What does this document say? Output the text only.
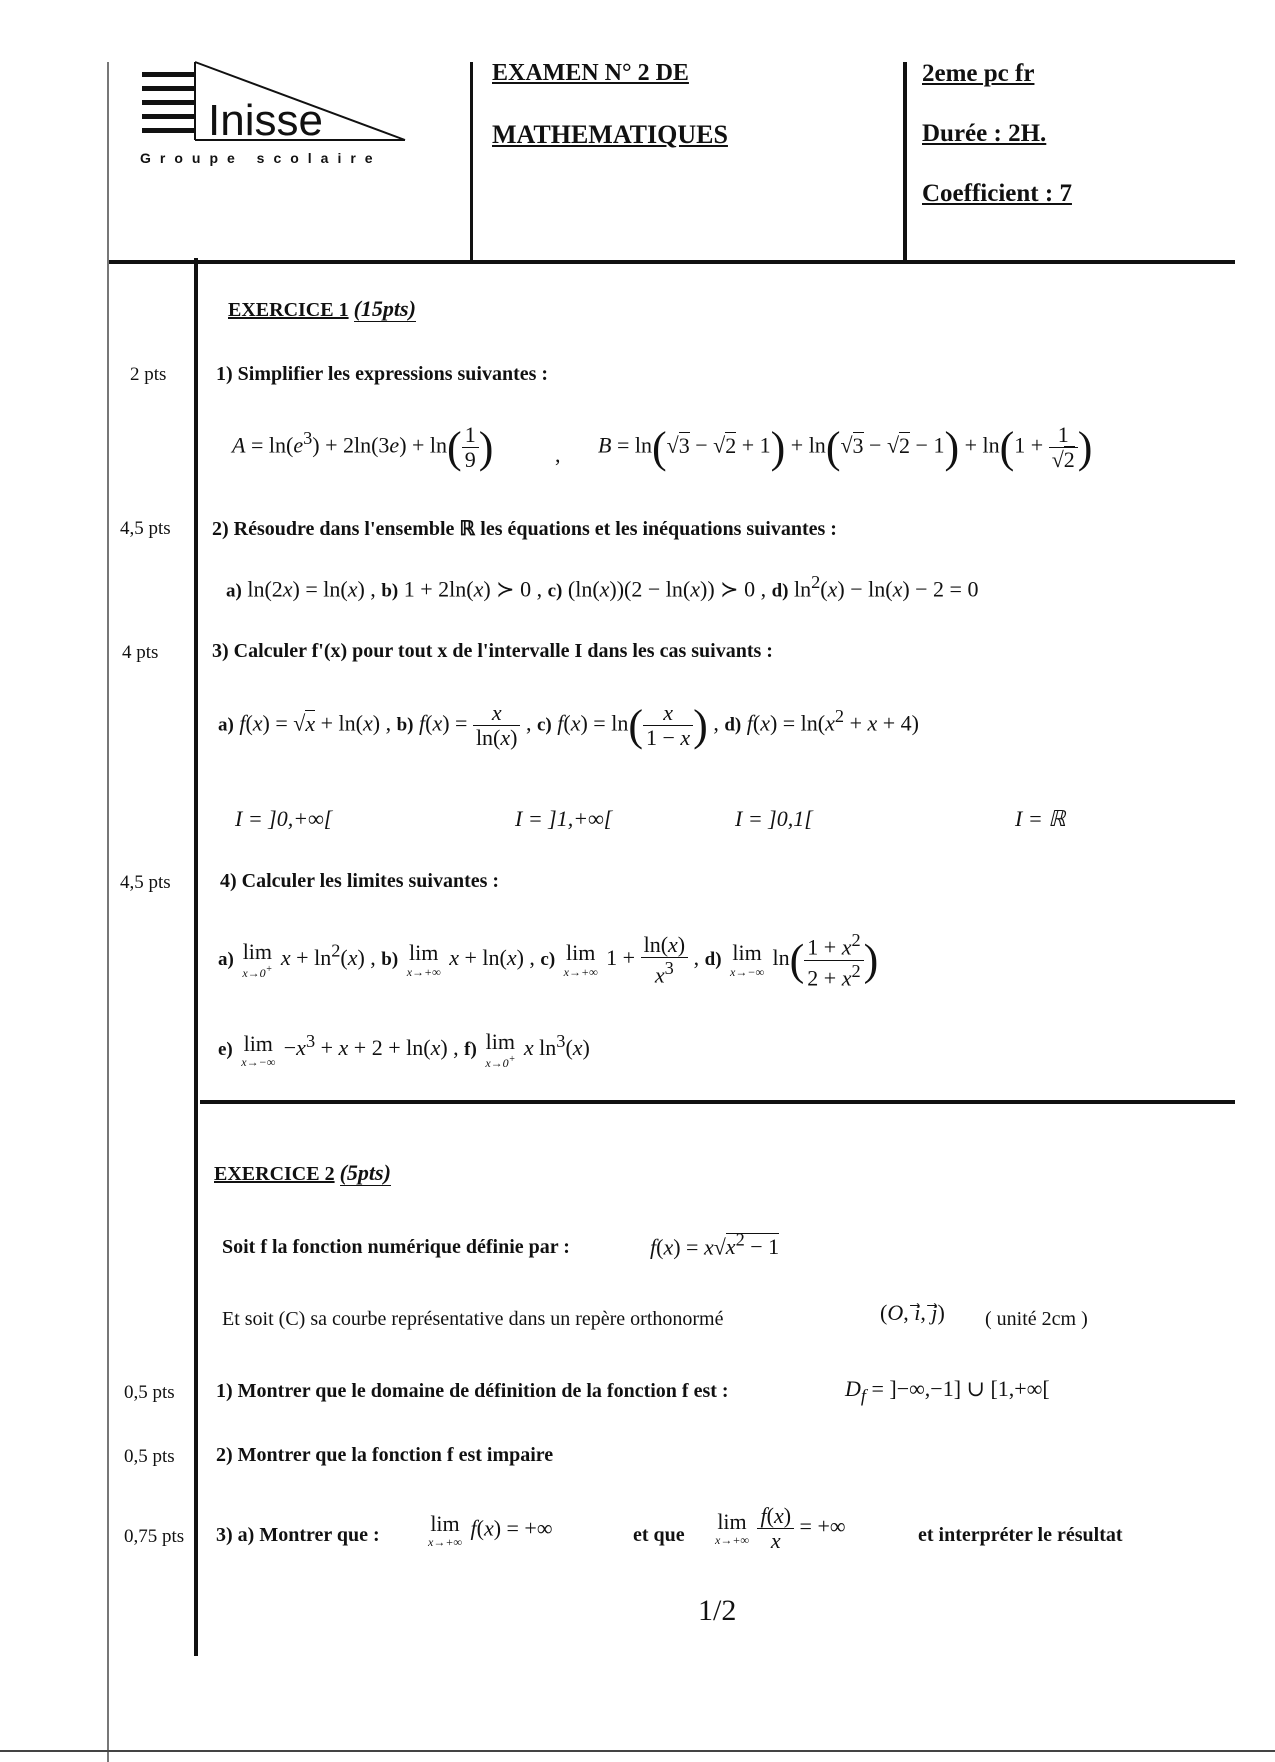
Inisse
Groupe scolaire
EXAMEN N° 2 DE
MATHEMATIQUES
2eme pc fr
Durée : 2H.
Coefficient : 7
EXERCICE 1 (15pts)
2 pts	1) Simplifier les expressions suivantes :
$A = \ln(e^3) + 2\ln(3e) + \ln( \frac{1}{9}$ )	, $B = \ln(√3 - √2 + 1) + \ln(√3 - √2 - 1) + \ln(1 + \frac{1}{√2}$ )
4,5 pts	2) Résoudre dans l'ensemble ℝ les équations et les inéquations suivantes :
a) ln(2x) = ln(x) , b) 1 + 2ln(x) ≻ 0 , c) (ln(x))(2 − ln(x)) ≻ 0 , d) $\ln^2(x) - \ln(x) - 2 = 0$
4 pts	3) Calculer f'(x) pour tout x de l'intervalle I dans les cas suivants :
a) f(x) = √x + ln(x) , b) $f(x) = \frac{x}{\ln(x)}$ , c) $f(x) = \ln( \frac{x}{1 - x}$ ) , d) $f(x) = \ln(x^2 + x + 4)$
I = ]0,+∞[	I = ]1,+∞[	I = ]0,1[	I = ℝ
4,5 pts	4) Calculer les limites suivantes :
a) lim
x→0+ $x + \ln^2(x)$ , b) lim
x→+∞
x + ln(x) , c) lim
x→+∞
$1 + \frac{\ln(x)}{x^3}$ , d) lim
x→−∞
$\ln( \frac{1 + x^2}{2 + x^2}$ )
e) lim
x→−∞
$-x^3 + x + 2 + \ln(x)$ , f) lim
x→0+ x $\ln^3(x)$
EXERCICE 2 (5pts)
Soit f la fonction numérique définie par :	$f(x) = x√x^2 - 1$
Et soit (C) sa courbe représentative dans un repère orthonormé	(O, i⃗, j⃗) ( unité 2cm )
0,5 pts	1) Montrer que le domaine de définition de la fonction f est :	$D_f = ]-\infty,-1$] ∪ [1,+∞[
0,5 pts	2) Montrer que la fonction f est impaire
0,75 pts	3) a) Montrer que : lim
x→+∞
f(x) = +∞	et que
lim
x→+∞
$\frac{f(x)}{x}$ = +∞	et interpréter le résultat
1/2
